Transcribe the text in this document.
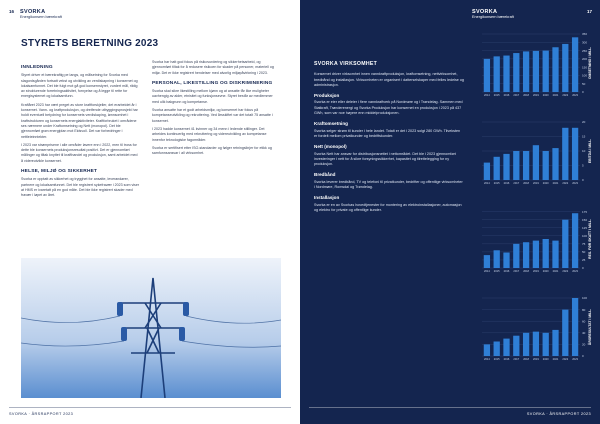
16 SVORKA
Energikonsern bærekraft
STYRETS BERETNING 2023
INNLEDNING

Styret driver et bærekraftig pe langs, og målsetning for Svorka med slagordsgården fortsatt vekst og utvikling av verdiskapning i konsernet og lokalsamfunnet. Det ble fulgt mot gå god konsernstyret, vurdert mål, riktig av strukturende forretningsaktivitet, fornyelse og å legge til rette for energisystemet og lokalsamfunn.

Kraftåret 2023 har vært preget av store kraftforskjeller, det erarbeidet år i konsernet. Vann- og kraftproduksjon, og dreifende utbyggingsprosjekt har holdt eventuell betydning for konsernets verdiskaping, lønnsomhet i kraftstrukturen og konsernets energiaktiviteter. Kraftforbruket i områdene ses nærmere under Kraftomsetning og Nett (monopol). Det ble gjennomført grøn energiplan mot Eidsvoll. Det var forbedringer i nettleieinntekter.

I 2023 var strømprisene i alle områder lavere enn i 2022, men til tross for dette ble konsernets produksjonsresultat positivt. Det er gjennomført målinger og tiltak knyttet til krafthandel og produksjon, samt arbeidet med å videreutvikle konsernet.

HELSE, MILJØ OG SIKKERHET

Svorka er opptatt av sikkerhet og trygghet for ansatte, leverandører, partnere og lokalsamfunnet. Det ble registrert sykefravær i 2023 som viser at HMS er ivaretatt på en god måte. Det ble ikke registrert skader med fravær i løpet av året.

Svorka har hatt god fokus på risikovurdering og sikkerhetsarbeid, og gjennomført tiltak for å redusere risikoen for skader på personer, materiell og miljø. Det er ikke registrert hendelser med alvorlig miljøpåvirkning i 2023.

PERSONAL, LIKESTILLING OG DISKRIMINERING

Svorka skal sikre likestilling mellom kjønn og at ansatte får like muligheter uavhengig av alder, etnisitet og funksjonsevne. Styret består av medlemmer med ulik bakgrunn og kompetanse.

Svorka ansatte har et godt arbeidsmiljø, og konsernet har fokus på kompetanseutvikling og rekruttering. Ved årsskiftet var det totalt 75 ansatte i konsernet.

I 2023 hadde konsernet 41 kvinner og 34 menn i ledende stillinger. Det arbeides kontinuerlig med rekruttering og videreutvikling av kompetanse innenfor teknologiske fagområder.

Svorka er sertifisert etter ISO-standarder og følger retningslinjer for etikk og samfunnsansvar i all virksomhet.

SVORKA · ÅRSRAPPORT 2023
SVORKA
Energikonsern bærekraft
17
SVORKA VIRKSOMHET

Konsernet driver virksomhet innen vannkraftproduksjon, kraftomsetning, nettvirksomhet, bredbånd og installasjon. Virksomheten er organisert i datterselskaper med felles ledelse og administrasjon.

Produksjon

Svorka er eier eller deleier i flere vannkraftverk på Nordmøre og i Trøndelag. Sammen med Statkraft, Trønderenergi og Svorka Produksjon har konsernet en produksjon i 2023 på 437 GWh, som var noe høyere enn middelproduksjonen.

Kraftomsetning

Svorka selger strøm til kunder i hele landet. Totalt er det i 2023 solgt 280 GWh. Tilveksten er fordelt mellom privatkunder og bedriftskunder.

Nett (monopol)

Svorka Nett har ansvar for distribusjonsnettet i nettområdet. Det ble i 2023 gjennomført investeringer i nett for å sikre forsyningssikkerhet, kapasitet og tilrettelegging for ny produksjon.

Bredbånd

Svorka leverer bredbånd, TV og telefoni til privatkunder, bedrifter og offentlige virksomheter i Nordmøre, Romsdal og Trøndelag.

Installasjon

Svorka er en av Svorkas hovedtjenester for montering av elektroinstallasjoner, automasjon og elektro for private og offentlige kunder.

0
50
100
150
200
250
300
350
2014 2015 2016 2017 2018 2019 2020 2021 2022 2023
OMSETNING I MILL.
0
5
10
15
20
2014 2015 2016 2017 2018 2019 2020 2021 2022 2023
EBITDA I MILL.
0
25
50
75
100
125
150
175
2014 2015 2016 2017 2018 2019 2020 2021 2022 2023
RES. FØR SKATT I MILL.
0
20
40
60
80
100
2014 2015 2016 2017 2018 2019 2020 2021 2022 2023
ÅRSRESULTAT I MILL.
SVORKA · ÅRSRAPPORT 2023
